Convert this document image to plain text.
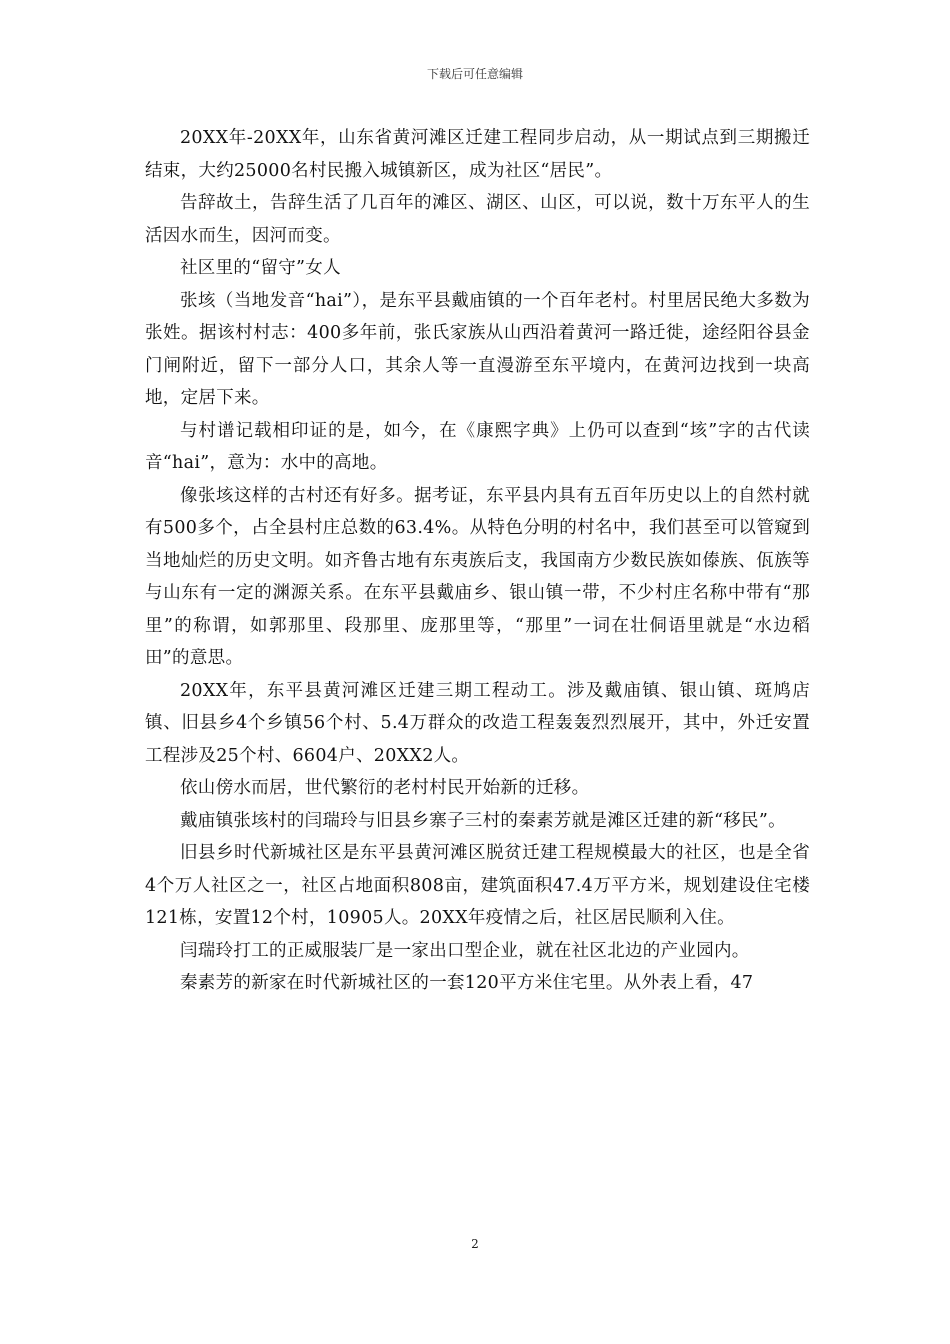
下载后可任意编辑

20XX年-20XX年，山东省黄河滩区迁建工程同步启动，从一期试点到三期搬迁结束，大约25000名村民搬入城镇新区，成为社区“居民”。

告辞故土，告辞生活了几百年的滩区、湖区、山区，可以说，数十万东平人的生活因水而生，因河而变。

社区里的“留守”女人

张垓（当地发音“hai”），是东平县戴庙镇的一个百年老村。村里居民绝大多数为张姓。据该村村志：400多年前，张氏家族从山西沿着黄河一路迁徙，途经阳谷县金门闸附近，留下一部分人口，其余人等一直漫游至东平境内，在黄河边找到一块高地，定居下来。

与村谱记载相印证的是，如今，在《康熙字典》上仍可以查到“垓”字的古代读音“hai”，意为：水中的高地。

像张垓这样的古村还有好多。据考证，东平县内具有五百年历史以上的自然村就有500多个，占全县村庄总数的63.4%。从特色分明的村名中，我们甚至可以管窥到当地灿烂的历史文明。如齐鲁古地有东夷族后支，我国南方少数民族如傣族、佤族等与山东有一定的渊源关系。在东平县戴庙乡、银山镇一带，不少村庄名称中带有“那里”的称谓，如郭那里、段那里、庞那里等，“那里”一词在壮侗语里就是“水边稻田”的意思。

20XX年，东平县黄河滩区迁建三期工程动工。涉及戴庙镇、银山镇、斑鸠店镇、旧县乡4个乡镇56个村、5.4万群众的改造工程轰轰烈烈展开，其中，外迁安置工程涉及25个村、6604户、20XX2人。

依山傍水而居，世代繁衍的老村村民开始新的迁移。

戴庙镇张垓村的闫瑞玲与旧县乡寨子三村的秦素芳就是滩区迁建的新“移民”。

旧县乡时代新城社区是东平县黄河滩区脱贫迁建工程规模最大的社区，也是全省4个万人社区之一，社区占地面积808亩，建筑面积47.4万平方米，规划建设住宅楼121栋，安置12个村，10905人。20XX年疫情之后，社区居民顺利入住。

闫瑞玲打工的正威服装厂是一家出口型企业，就在社区北边的产业园内。

秦素芳的新家在时代新城社区的一套120平方米住宅里。从外表上看，47

2
